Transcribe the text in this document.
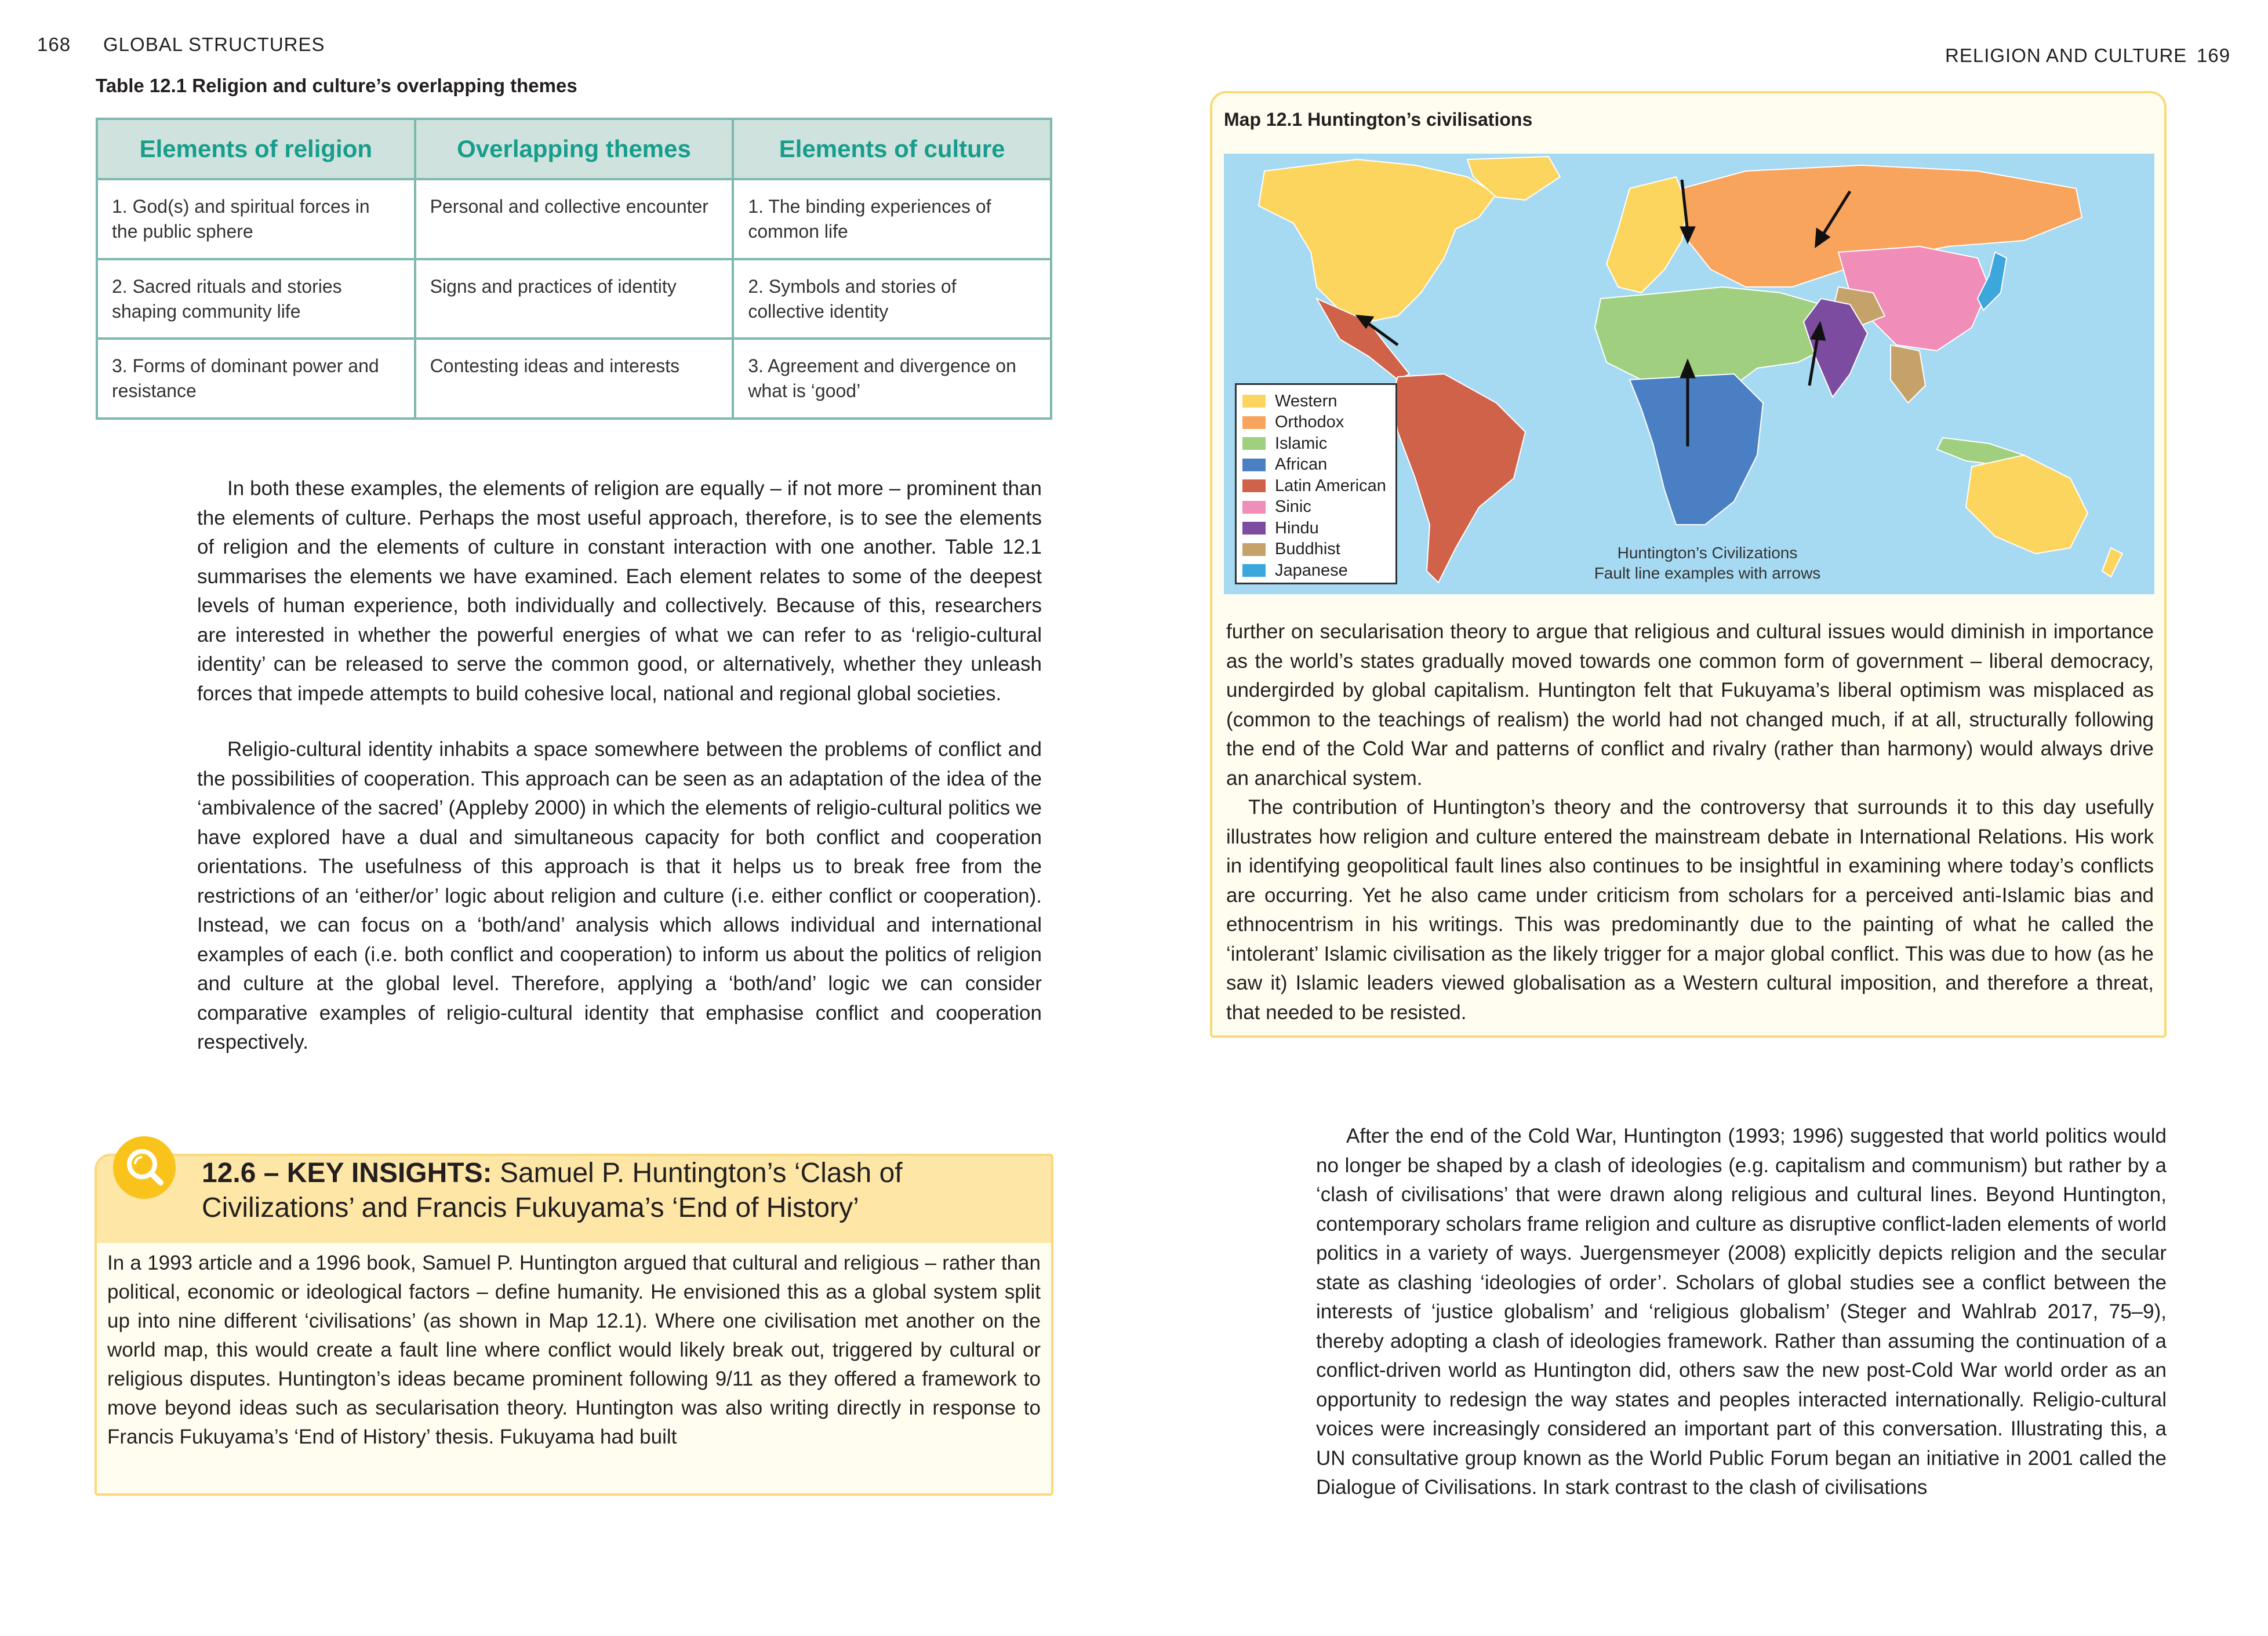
168 GLOBAL STRUCTURES
Table 12.1 Religion and culture’s overlapping themes
Elements of religion	Overlapping themes	Elements of culture
1. God(s) and spiritual forces in the public sphere	Personal and collective encounter	1. The binding experiences of common life
2. Sacred rituals and stories shaping community life	Signs and practices of identity	2. Symbols and stories of collective identity
3. Forms of dominant power and resistance	Contesting ideas and interests	3. Agreement and divergence on what is ‘good’
In both these examples, the elements of religion are equally – if not more – prominent than the elements of culture. Perhaps the most useful approach, therefore, is to see the elements of religion and the elements of culture in constant interaction with one another. Table 12.1 summarises the elements we have examined. Each element relates to some of the deepest levels of human experience, both individually and collectively. Because of this, researchers are interested in whether the powerful energies of what we can refer to as ‘religio-cultural identity’ can be released to serve the common good, or alternatively, whether they unleash forces that impede attempts to build cohesive local, national and regional global societies.
Religio-cultural identity inhabits a space somewhere between the problems of conflict and the possibilities of cooperation. This approach can be seen as an adaptation of the idea of the ‘ambivalence of the sacred’ (Appleby 2000) in which the elements of religio-cultural politics we have explored have a dual and simultaneous capacity for both conflict and cooperation orientations. The usefulness of this approach is that it helps us to break free from the restrictions of an ‘either/or’ logic about religion and culture (i.e. either conflict or cooperation). Instead, we can focus on a ‘both/and’ analysis which allows individual and international examples of each (i.e. both conflict and cooperation) to inform us about the politics of religion and culture at the global level. Therefore, applying a ‘both/and’ logic we can consider comparative examples of religio-cultural identity that emphasise conflict and cooperation respectively.
12.6 – KEY INSIGHTS: Samuel P. Huntington’s ‘Clash of Civilizations’ and Francis Fukuyama’s ‘End of History’
In a 1993 article and a 1996 book, Samuel P. Huntington argued that cultural and religious – rather than political, economic or ideological factors – define humanity. He envisioned this as a global system split up into nine different ‘civilisations’ (as shown in Map 12.1). Where one civilisation met another on the world map, this would create a fault line where conflict would likely break out, triggered by cultural or religious disputes. Huntington’s ideas became prominent following 9/11 as they offered a framework to move beyond ideas such as secularisation theory. Huntington was also writing directly in response to Francis Fukuyama’s ‘End of History’ thesis. Fukuyama had built
RELIGION AND CULTURE 169
Map 12.1 Huntington’s civilisations
Western
Orthodox
Islamic
African
Latin American
Sinic
Hindu
Buddhist
Japanese
Huntington’s Civilizations
Fault line examples with arrows
further on secularisation theory to argue that religious and cultural issues would diminish in importance as the world’s states gradually moved towards one common form of government – liberal democracy, undergirded by global capitalism. Huntington felt that Fukuyama’s liberal optimism was misplaced as (common to the teachings of realism) the world had not changed much, if at all, structurally following the end of the Cold War and patterns of conflict and rivalry (rather than harmony) would always drive an anarchical system.
The contribution of Huntington’s theory and the controversy that surrounds it to this day usefully illustrates how religion and culture entered the mainstream debate in International Relations. His work in identifying geopolitical fault lines also continues to be insightful in examining where today’s conflicts are occurring. Yet he also came under criticism from scholars for a perceived anti-Islamic bias and ethnocentrism in his writings. This was predominantly due to the painting of what he called the ‘intolerant’ Islamic civilisation as the likely trigger for a major global conflict. This was due to how (as he saw it) Islamic leaders viewed globalisation as a Western cultural imposition, and therefore a threat, that needed to be resisted.
After the end of the Cold War, Huntington (1993; 1996) suggested that world politics would no longer be shaped by a clash of ideologies (e.g. capitalism and communism) but rather by a ‘clash of civilisations’ that were drawn along religious and cultural lines. Beyond Huntington, contemporary scholars frame religion and culture as disruptive conflict-laden elements of world politics in a variety of ways. Juergensmeyer (2008) explicitly depicts religion and the secular state as clashing ‘ideologies of order’. Scholars of global studies see a conflict between the interests of ‘justice globalism’ and ‘religious globalism’ (Steger and Wahlrab 2017, 75–9), thereby adopting a clash of ideologies framework. Rather than assuming the continuation of a conflict-driven world as Huntington did, others saw the new post-Cold War world order as an opportunity to redesign the way states and peoples interacted internationally. Religio-cultural voices were increasingly considered an important part of this conversation. Illustrating this, a UN consultative group known as the World Public Forum began an initiative in 2001 called the Dialogue of Civilisations. In stark contrast to the clash of civilisations
